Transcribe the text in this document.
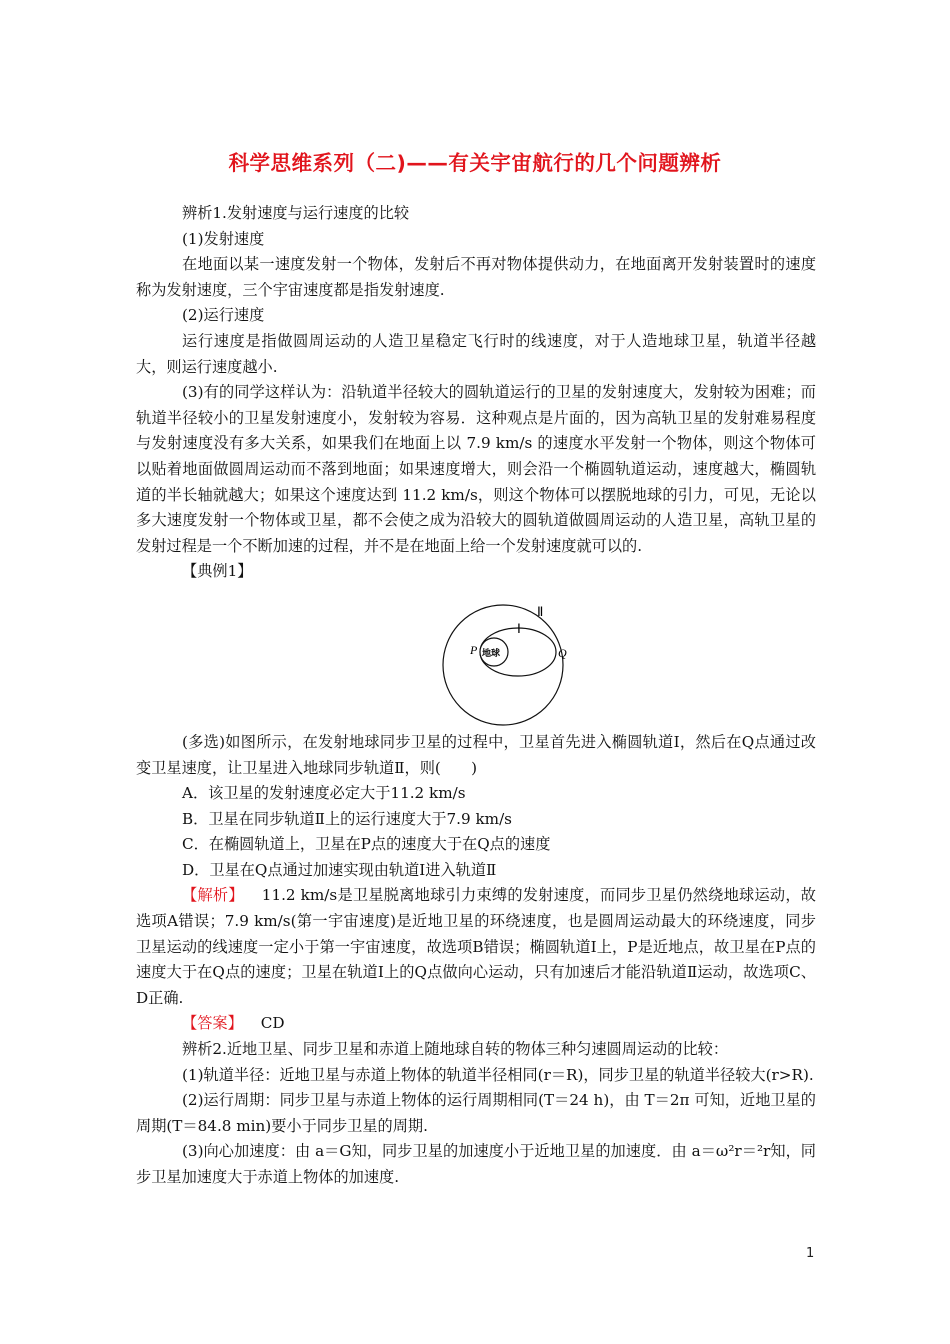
科学思维系列（二)——有关宇宙航行的几个问题辨析

辨析1.发射速度与运行速度的比较

(1)发射速度

在地面以某一速度发射一个物体，发射后不再对物体提供动力，在地面离开发射装置时的速度称为发射速度，三个宇宙速度都是指发射速度.

(2)运行速度

运行速度是指做圆周运动的人造卫星稳定飞行时的线速度，对于人造地球卫星，轨道半径越大，则运行速度越小.

(3)有的同学这样认为：沿轨道半径较大的圆轨道运行的卫星的发射速度大，发射较为困难；而轨道半径较小的卫星发射速度小，发射较为容易．这种观点是片面的，因为高轨卫星的发射难易程度与发射速度没有多大关系，如果我们在地面上以 7.9 km/s 的速度水平发射一个物体，则这个物体可以贴着地面做圆周运动而不落到地面；如果速度增大，则会沿一个椭圆轨道运动，速度越大，椭圆轨道的半长轴就越大；如果这个速度达到 11.2 km/s，则这个物体可以摆脱地球的引力，可见，无论以多大速度发射一个物体或卫星，都不会使之成为沿较大的圆轨道做圆周运动的人造卫星，高轨卫星的发射过程是一个不断加速的过程，并不是在地面上给一个发射速度就可以的.

【典例1】

Ⅱ
Ⅰ
地球
P	Q

(多选)如图所示，在发射地球同步卫星的过程中，卫星首先进入椭圆轨道Ⅰ，然后在Q点通过改变卫星速度，让卫星进入地球同步轨道Ⅱ，则(　　)

A．该卫星的发射速度必定大于11.2 km/s

B．卫星在同步轨道Ⅱ上的运行速度大于7.9 km/s

C．在椭圆轨道上，卫星在P点的速度大于在Q点的速度

D．卫星在Q点通过加速实现由轨道Ⅰ进入轨道Ⅱ

【解析】 11.2 km/s是卫星脱离地球引力束缚的发射速度，而同步卫星仍然绕地球运动，故选项A错误；7.9 km/s(第一宇宙速度)是近地卫星的环绕速度，也是圆周运动最大的环绕速度，同步卫星运动的线速度一定小于第一宇宙速度，故选项B错误；椭圆轨道Ⅰ上，P是近地点，故卫星在P点的速度大于在Q点的速度；卫星在轨道Ⅰ上的Q点做向心运动，只有加速后才能沿轨道Ⅱ运动，故选项C、D正确.

【答案】 CD

辨析2.近地卫星、同步卫星和赤道上随地球自转的物体三种匀速圆周运动的比较：

(1)轨道半径：近地卫星与赤道上物体的轨道半径相同(r＝R)，同步卫星的轨道半径较大(r>R).

(2)运行周期：同步卫星与赤道上物体的运行周期相同(T＝24 h)，由 T＝2π 可知，近地卫星的周期(T＝84.8 min)要小于同步卫星的周期.

(3)向心加速度：由 a＝G知，同步卫星的加速度小于近地卫星的加速度．由 a＝ω²r＝²r知，同步卫星加速度大于赤道上物体的加速度.

1
